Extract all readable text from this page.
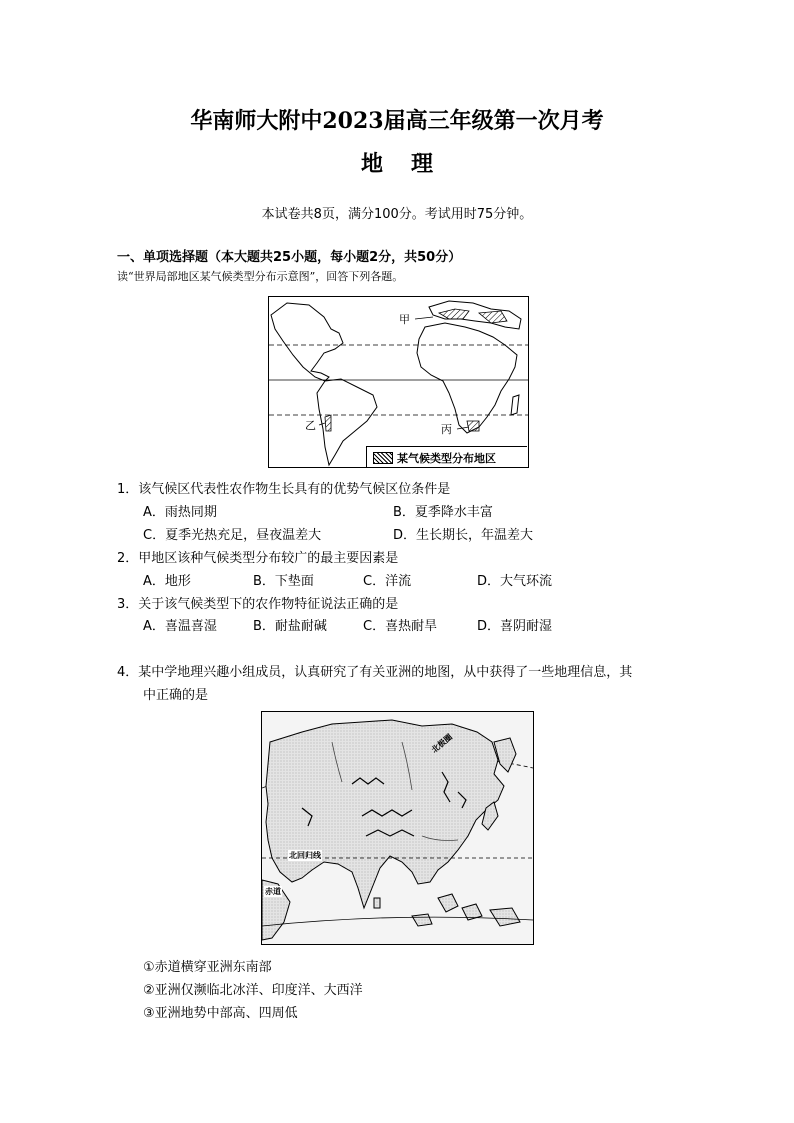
华南师大附中2023届高三年级第一次月考
地理
本试卷共8页，满分100分。考试用时75分钟。
一、单项选择题（本大题共25小题，每小题2分，共50分）
读“世界局部地区某气候类型分布示意图”，回答下列各题。
甲
乙	丙
某气候类型分布地区
1．该气候区代表性农作物生长具有的优势气候区位条件是
A．雨热同期	B．夏季降水丰富
C．夏季光热充足，昼夜温差大	D．生长期长，年温差大
2．甲地区该种气候类型分布较广的最主要因素是
A．地形	B．下垫面	C．洋流	D．大气环流
3．关于该气候类型下的农作物特征说法正确的是
A．喜温喜湿	B．耐盐耐碱	C．喜热耐旱	D．喜阴耐湿
4．某中学地理兴趣小组成员，认真研究了有关亚洲的地图，从中获得了一些地理信息，其
中正确的是
北极圈
北回归线
赤道
①赤道横穿亚洲东南部
②亚洲仅濒临北冰洋、印度洋、大西洋
③亚洲地势中部高、四周低
